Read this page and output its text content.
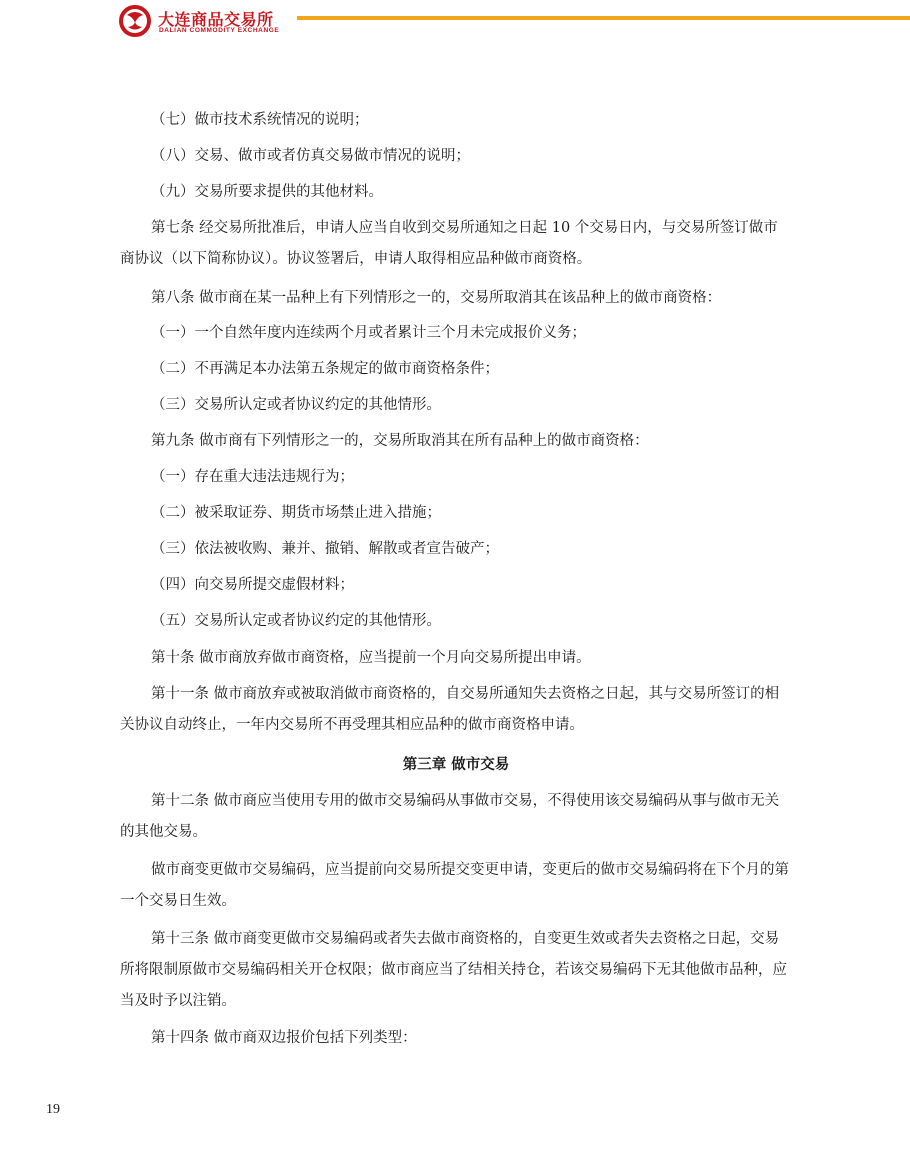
大连商品交易所
DALIAN COMMODITY EXCHANGE

（七）做市技术系统情况的说明；

（八）交易、做市或者仿真交易做市情况的说明；

（九）交易所要求提供的其他材料。

第七条 经交易所批准后，申请人应当自收到交易所通知之日起 10 个交易日内，与交易所签订做市商协议（以下简称协议）。协议签署后，申请人取得相应品种做市商资格。

第八条 做市商在某一品种上有下列情形之一的，交易所取消其在该品种上的做市商资格：

（一）一个自然年度内连续两个月或者累计三个月未完成报价义务；

（二）不再满足本办法第五条规定的做市商资格条件；

（三）交易所认定或者协议约定的其他情形。

第九条 做市商有下列情形之一的，交易所取消其在所有品种上的做市商资格：

（一）存在重大违法违规行为；

（二）被采取证券、期货市场禁止进入措施；

（三）依法被收购、兼并、撤销、解散或者宣告破产；

（四）向交易所提交虚假材料；

（五）交易所认定或者协议约定的其他情形。

第十条 做市商放弃做市商资格，应当提前一个月向交易所提出申请。

第十一条 做市商放弃或被取消做市商资格的，自交易所通知失去资格之日起，其与交易所签订的相关协议自动终止，一年内交易所不再受理其相应品种的做市商资格申请。

第三章 做市交易

第十二条 做市商应当使用专用的做市交易编码从事做市交易，不得使用该交易编码从事与做市无关的其他交易。

做市商变更做市交易编码，应当提前向交易所提交变更申请，变更后的做市交易编码将在下个月的第一个交易日生效。

第十三条 做市商变更做市交易编码或者失去做市商资格的，自变更生效或者失去资格之日起，交易所将限制原做市交易编码相关开仓权限；做市商应当了结相关持仓，若该交易编码下无其他做市品种，应当及时予以注销。

第十四条 做市商双边报价包括下列类型：

19
